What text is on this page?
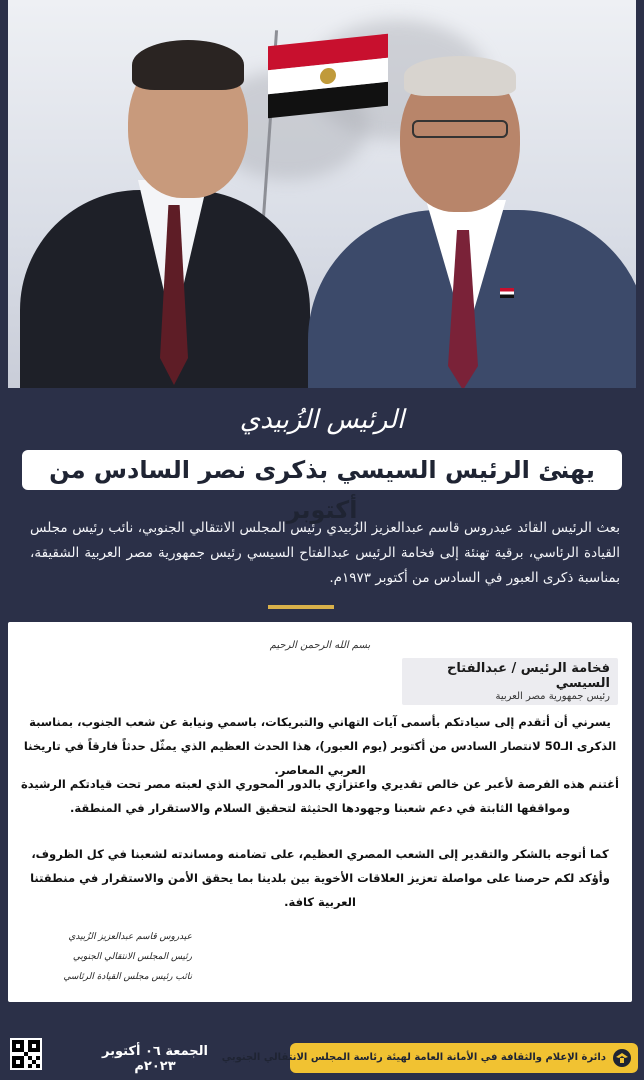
الرئيس الزُبيدي
يهنئ الرئيس السيسي بذكرى نصر السادس من أكتوبر
بعث الرئيس القائد عيدروس قاسم عبدالعزيز الزُبيدي رئيس المجلس الانتقالي الجنوبي، نائب رئيس مجلس القيادة الرئاسي، برقية تهنئة إلى فخامة الرئيس عبدالفتاح السيسي رئيس جمهورية مصر العربية الشقيقة، بمناسبة ذكرى العبور في السادس من أكتوبر ١٩٧٣م.
بسم الله الرحمن الرحيم
فخامة الرئيس / عبدالفتاح السيسي
رئيس جمهورية مصر العربية
يسرني أن أتقدم إلى سيادتكم بأسمى آيات التهاني والتبريكات، باسمي ونيابة عن شعب الجنوب، بمناسبة الذكرى الـ50 لانتصار السادس من أكتوبر (يوم العبور)، هذا الحدث العظيم الذي يمثّل حدثاً فارقاً في تاريخنا العربي المعاصر.
أغتنم هذه الفرصة لأعبر عن خالص تقديري واعتزازي بالدور المحوري الذي لعبته مصر تحت قيادتكم الرشيدة ومواقفها الثابتة في دعم شعبنا وجهودها الحثيثة لتحقيق السلام والاستقرار في المنطقة.
كما أتوجه بالشكر والتقدير إلى الشعب المصري العظيم، على تضامنه ومساندته لشعبنا في كل الظروف، وأؤكد لكم حرصنا على مواصلة تعزيز العلاقات الأخوية بين بلدينا بما يحقق الأمن والاستقرار في منطقتنا العربية كافة.
عيدروس قاسم عبدالعزيز الزُبيدي
رئيس المجلس الانتقالي الجنوبي
نائب رئيس مجلس القيادة الرئاسي
الجمعة ٠٦ أكتوبر ٢٠٢٣م
دائرة الإعلام والثقافة في الأمانة العامة لهيئة رئاسة المجلس الانتقالي الجنوبي
